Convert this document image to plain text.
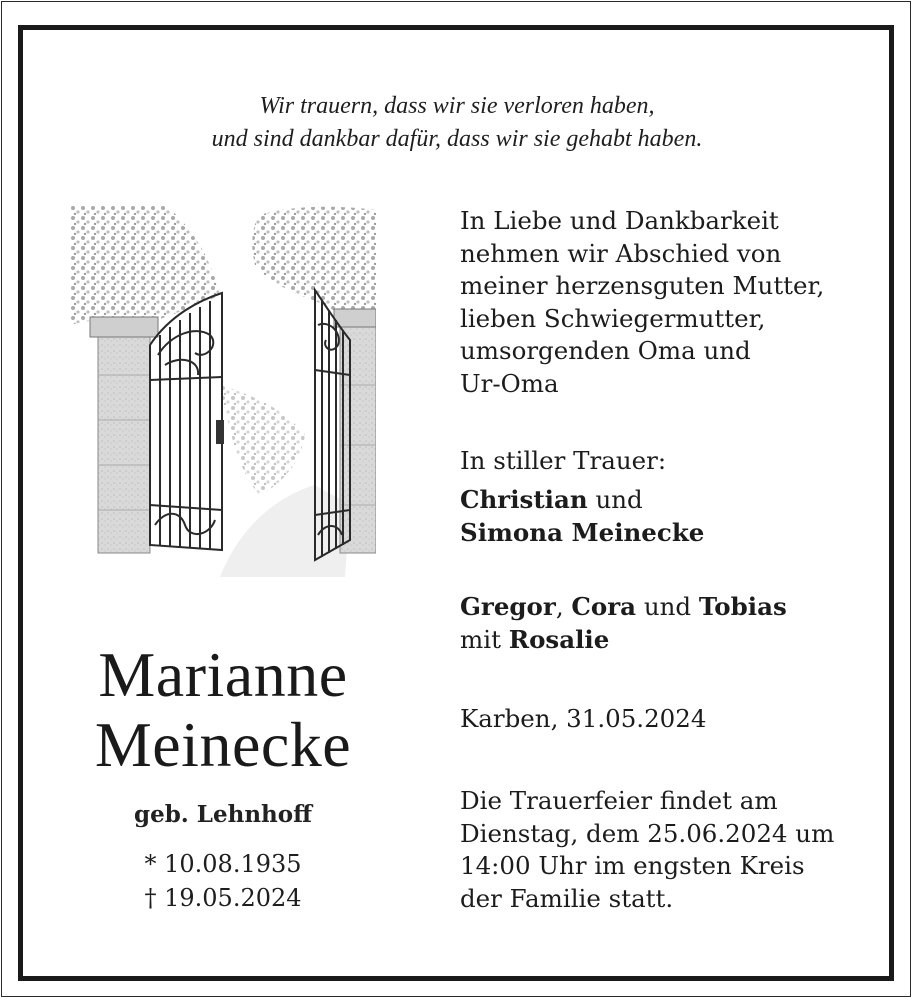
Wir trauern, dass wir sie verloren haben,
und sind dankbar dafür, dass wir sie gehabt haben.
Marianne
Meinecke
geb. Lehnhoff
* 10.08.1935
† 19.05.2024
In Liebe und Dankbarkeit
nehmen wir Abschied von
meiner herzensguten Mutter,
lieben Schwiegermutter,
umsorgenden Oma und
Ur-Oma
In stiller Trauer:
Christian und
Simona Meinecke
Gregor, Cora und Tobias
mit Rosalie
Karben, 31.05.2024
Die Trauerfeier findet am
Dienstag, dem 25.06.2024 um
14:00 Uhr im engsten Kreis
der Familie statt.
